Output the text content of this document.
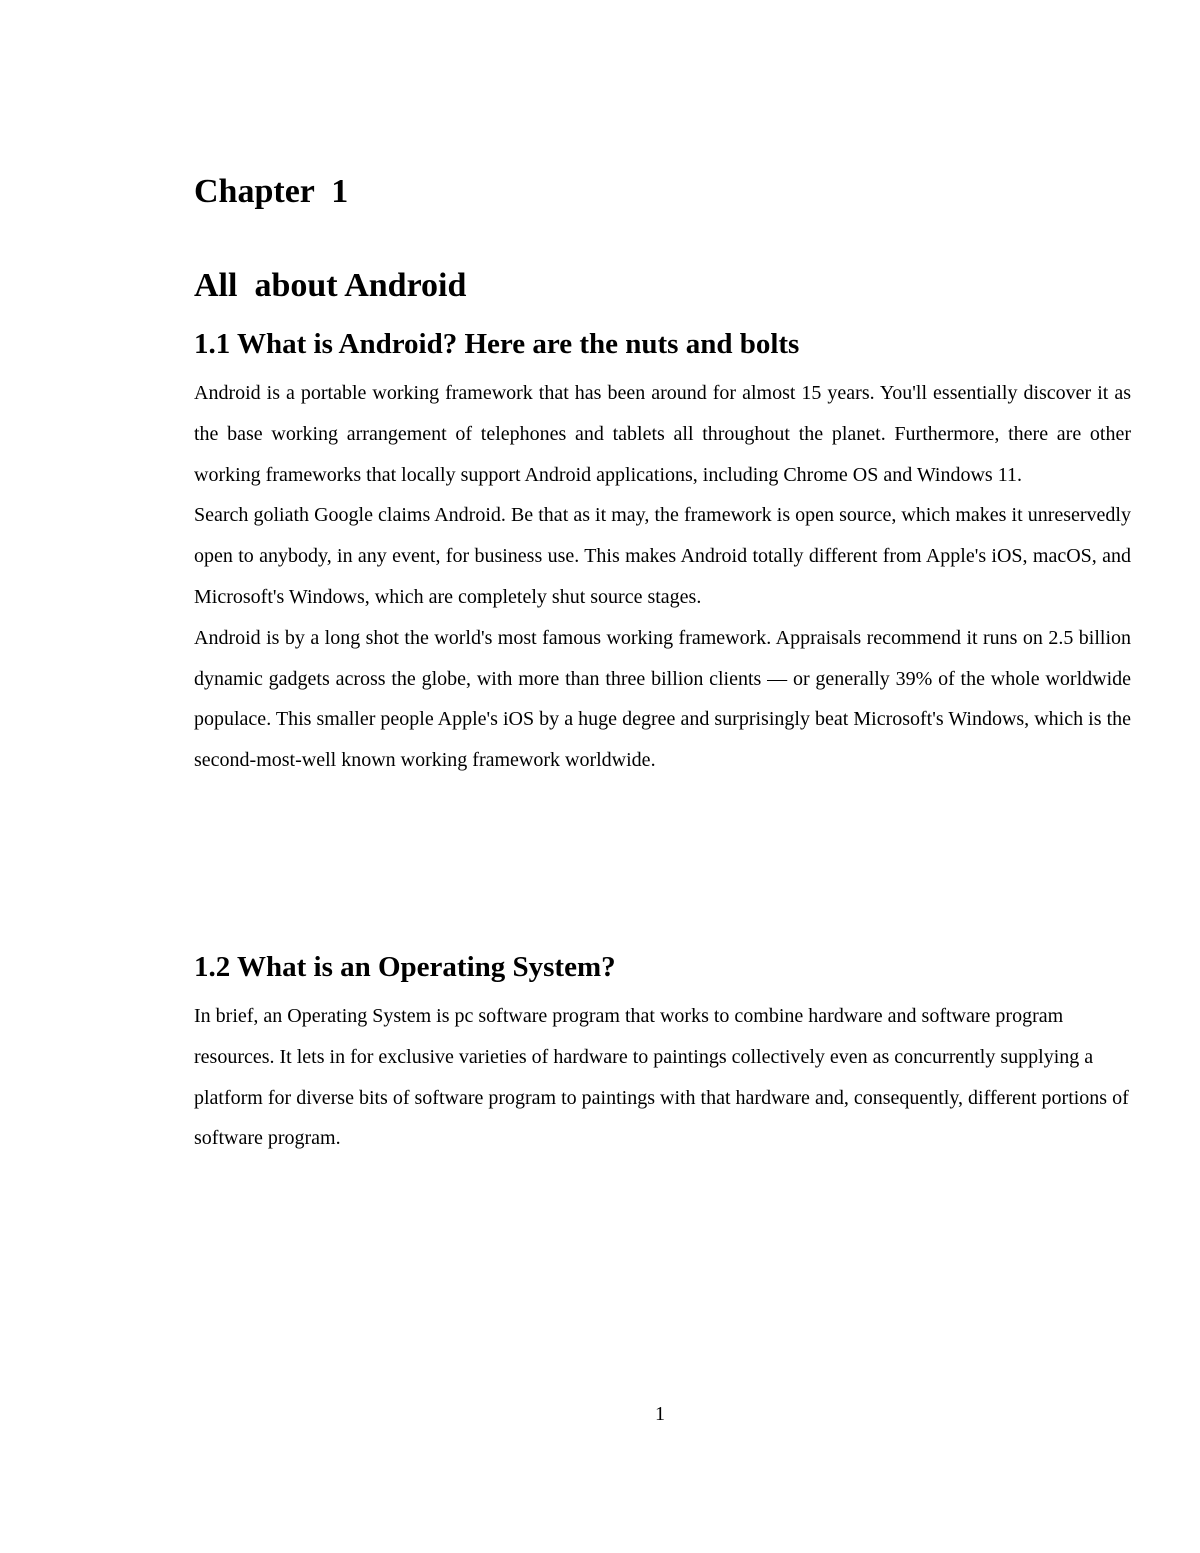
Chapter  1
All  about Android
1.1 What is Android? Here are the nuts and bolts

Android is a portable working framework that has been around for almost 15 years. You'll essentially discover it as the base working arrangement of telephones and tablets all throughout the planet. Furthermore, there are other working frameworks that locally support Android applications, including Chrome OS and Windows 11.

Search goliath Google claims Android. Be that as it may, the framework is open source, which makes it unreservedly open to anybody, in any event, for business use. This makes Android totally different from Apple's iOS, macOS, and Microsoft's Windows, which are completely shut source stages.

Android is by a long shot the world's most famous working framework. Appraisals recommend it runs on 2.5 billion dynamic gadgets across the globe, with more than three billion clients — or generally 39% of the whole worldwide populace. This smaller people Apple's iOS by a huge degree and surprisingly beat Microsoft's Windows, which is the second-most-well known working framework worldwide.

1.2 What is an Operating System?

In brief, an Operating System is pc software program that works to combine hardware and software program resources. It lets in for exclusive varieties of hardware to paintings collectively even as concurrently supplying a platform for diverse bits of software program to paintings with that hardware and, consequently, different portions of software program.

1
